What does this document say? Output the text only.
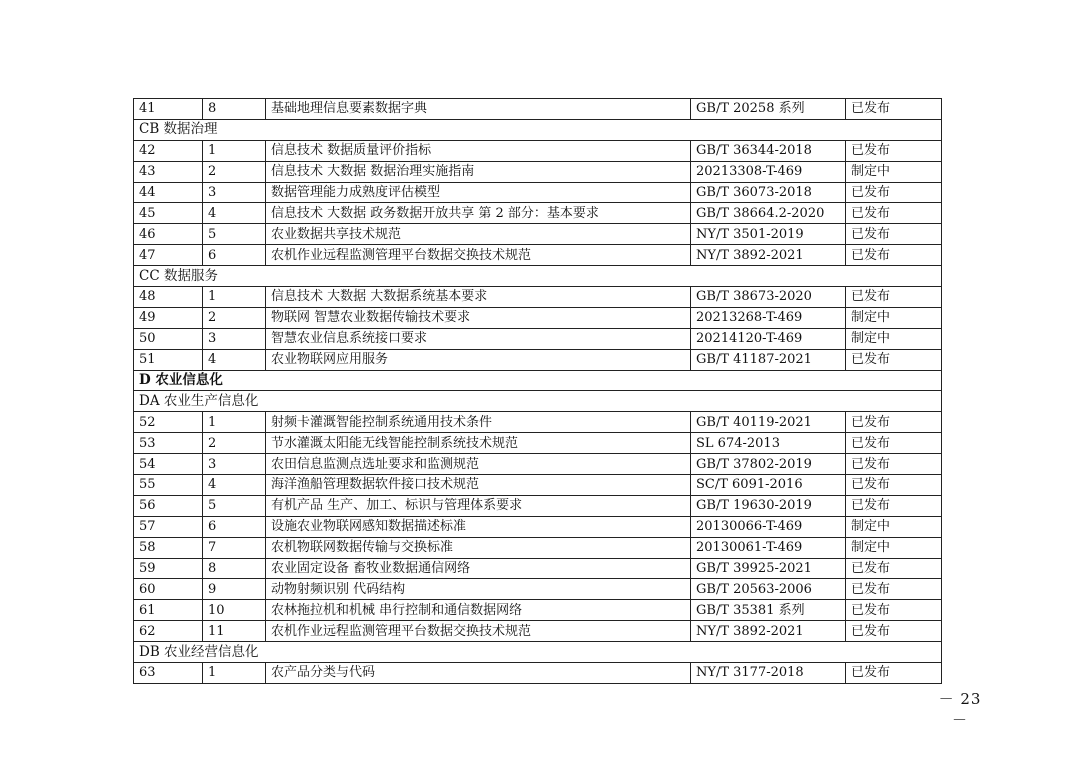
41	8	基础地理信息要素数据字典	GB/T 20258 系列	已发布
CB 数据治理				
42	1	信息技术 数据质量评价指标	GB/T 36344-2018	已发布
43	2	信息技术 大数据 数据治理实施指南	20213308-T-469	制定中
44	3	数据管理能力成熟度评估模型	GB/T 36073-2018	已发布
45	4	信息技术 大数据 政务数据开放共享 第 2 部分：基本要求	GB/T 38664.2-2020	已发布
46	5	农业数据共享技术规范	NY/T 3501-2019	已发布
47	6	农机作业远程监测管理平台数据交换技术规范	NY/T 3892-2021	已发布
CC 数据服务				
48	1	信息技术 大数据 大数据系统基本要求	GB/T 38673-2020	已发布
49	2	物联网 智慧农业数据传输技术要求	20213268-T-469	制定中
50	3	智慧农业信息系统接口要求	20214120-T-469	制定中
51	4	农业物联网应用服务	GB/T 41187-2021	已发布
D 农业信息化				
DA 农业生产信息化				
52	1	射频卡灌溉智能控制系统通用技术条件	GB/T 40119-2021	已发布
53	2	节水灌溉太阳能无线智能控制系统技术规范	SL 674-2013	已发布
54	3	农田信息监测点选址要求和监测规范	GB/T 37802-2019	已发布
55	4	海洋渔船管理数据软件接口技术规范	SC/T 6091-2016	已发布
56	5	有机产品 生产、加工、标识与管理体系要求	GB/T 19630-2019	已发布
57	6	设施农业物联网感知数据描述标准	20130066-T-469	制定中
58	7	农机物联网数据传输与交换标准	20130061-T-469	制定中
59	8	农业固定设备 畜牧业数据通信网络	GB/T 39925-2021	已发布
60	9	动物射频识别 代码结构	GB/T 20563-2006	已发布
61	10	农林拖拉机和机械 串行控制和通信数据网络	GB/T 35381 系列	已发布
62	11	农机作业远程监测管理平台数据交换技术规范	NY/T 3892-2021	已发布
DB 农业经营信息化				
63	1	农产品分类与代码	NY/T 3177-2018	已发布
－ 23 －
